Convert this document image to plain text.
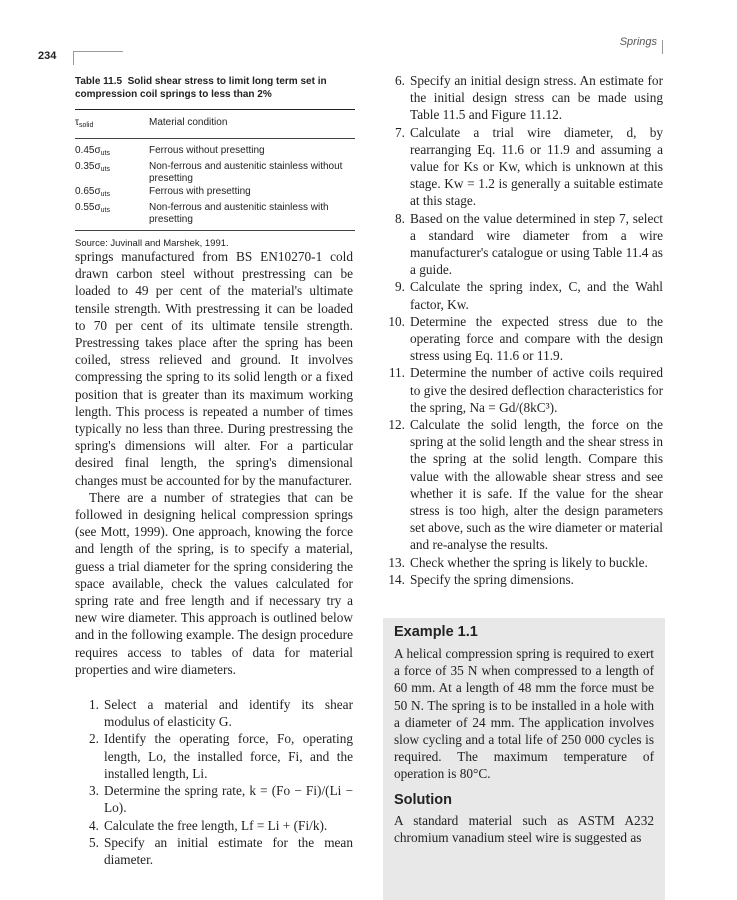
234
Springs
Table 11.5 Solid shear stress to limit long term set in compression coil springs to less than 2%
$\tau_{solid}$	Material condition
$0.45\sigma_{uts}$	Ferrous without presetting
$0.35\sigma_{uts}$	Non-ferrous and austenitic stainless without presetting
$0.65\sigma_{uts}$	Ferrous with presetting
$0.55\sigma_{uts}$	Non-ferrous and austenitic stainless with presetting
Source: Juvinall and Marshek, 1991.

springs manufactured from BS EN10270-1 cold drawn carbon steel without prestressing can be loaded to 49 per cent of the material's ultimate tensile strength. With prestressing it can be loaded to 70 per cent of its ultimate tensile strength. Prestressing takes place after the spring has been coiled, stress relieved and ground. It involves compressing the spring to its solid length or a fixed position that is greater than its maximum working length. This process is repeated a number of times typically no less than three. During prestressing the spring's dimensions will alter. For a particular desired final length, the spring's dimensional changes must be accounted for by the manufacturer.

There are a number of strategies that can be followed in designing helical compression springs (see Mott, 1999). One approach, knowing the force and length of the spring, is to specify a material, guess a trial diameter for the spring considering the space available, check the values calculated for spring rate and free length and if necessary try a new wire diameter. This approach is outlined below and in the following example. The design procedure requires access to tables of data for material properties and wire diameters.

1. Select a material and identify its shear modulus of elasticity G.
2. Identify the operating force, Fo, operating length, Lo, the installed force, Fi, and the installed length, Li.
3. Determine the spring rate, k = (Fo − Fi)/(Li − Lo).
4. Calculate the free length, Lf = Li + (Fi/k).
5. Specify an initial estimate for the mean diameter.
6. Specify an initial design stress. An estimate for the initial design stress can be made using Table 11.5 and Figure 11.12.
7. Calculate a trial wire diameter, d, by rearranging Eq. 11.6 or 11.9 and assuming a value for Ks or Kw, which is unknown at this stage. Kw = 1.2 is generally a suitable estimate at this stage.
8. Based on the value determined in step 7, select a standard wire diameter from a wire manufacturer's catalogue or using Table 11.4 as a guide.
9. Calculate the spring index, C, and the Wahl factor, Kw.
10. Determine the expected stress due to the operating force and compare with the design stress using Eq. 11.6 or 11.9.
11. Determine the number of active coils required to give the desired deflection characteristics for the spring, Na = Gd/(8kC³).
12. Calculate the solid length, the force on the spring at the solid length and the shear stress in the spring at the solid length. Compare this value with the allowable shear stress and see whether it is safe. If the value for the shear stress is too high, alter the design parameters set above, such as the wire diameter or material and re-analyse the results.
13. Check whether the spring is likely to buckle.
14. Specify the spring dimensions.
Example 1.1

A helical compression spring is required to exert a force of 35 N when compressed to a length of 60 mm. At a length of 48 mm the force must be 50 N. The spring is to be installed in a hole with a diameter of 24 mm. The application involves slow cycling and a total life of 250 000 cycles is required. The maximum temperature of operation is 80°C.

Solution

A standard material such as ASTM A232 chromium vanadium steel wire is suggested as
